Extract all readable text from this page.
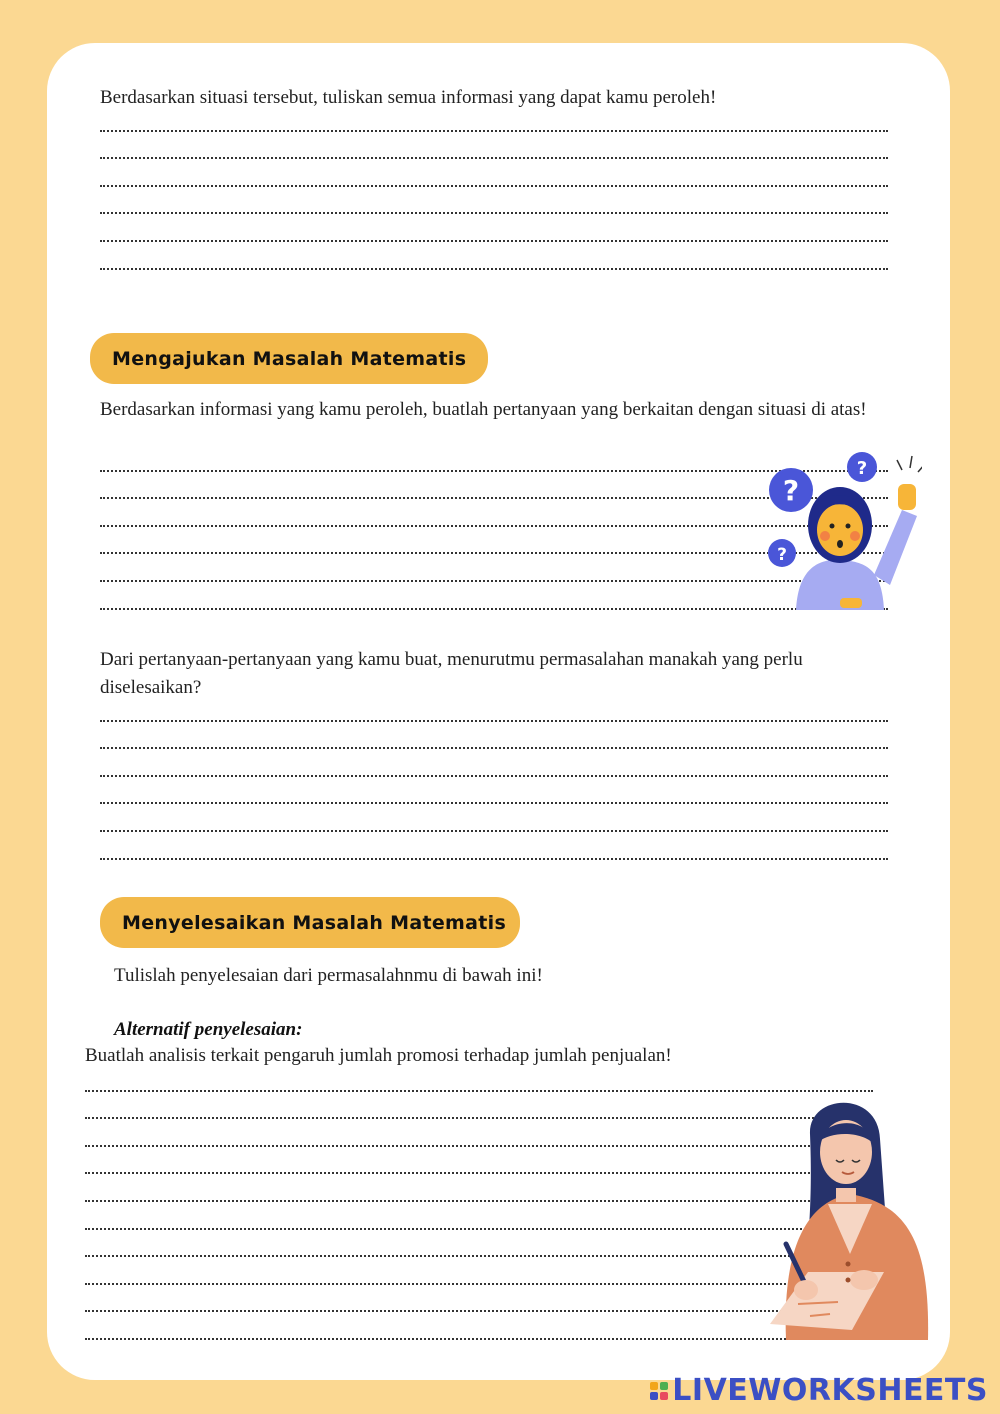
Berdasarkan situasi tersebut, tuliskan semua informasi yang dapat kamu peroleh!
Mengajukan Masalah Matematis
Berdasarkan informasi yang kamu peroleh, buatlah pertanyaan yang berkaitan dengan situasi di atas!
?
?
?
Dari pertanyaan-pertanyaan yang kamu buat, menurutmu permasalahan manakah yang perlu diselesaikan?
Menyelesaikan Masalah Matematis
Tulislah penyelesaian dari permasalahnmu di bawah ini!
Alternatif penyelesaian:
Buatlah analisis terkait pengaruh jumlah promosi terhadap jumlah penjualan!
LIVEWORKSHEETS
